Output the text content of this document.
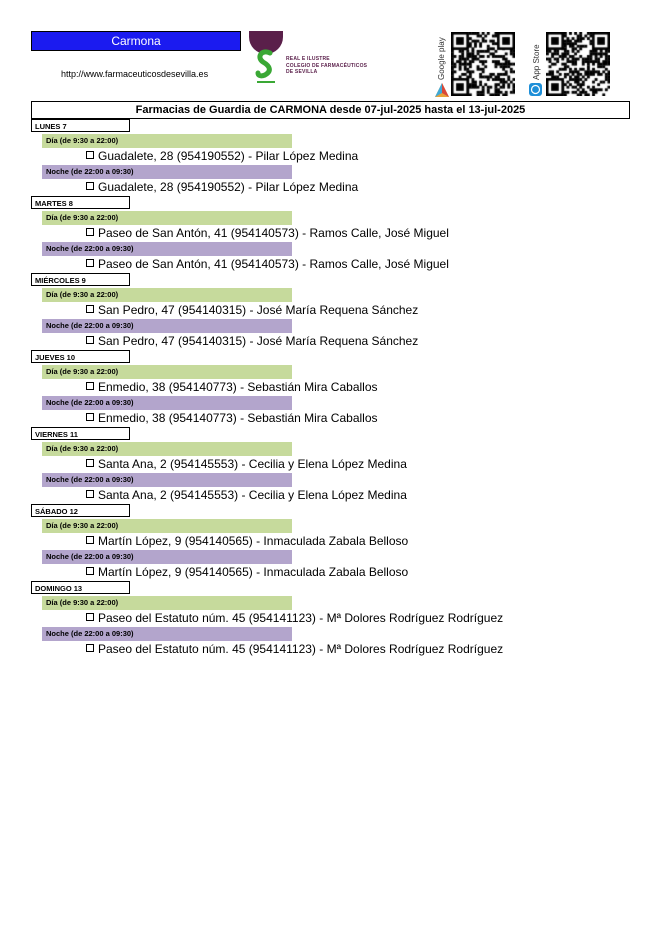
Carmona
http://www.farmaceuticosdesevilla.es
REAL E ILUSTRE
COLEGIO DE FARMACÉUTICOS
DE SEVILLA	Google play	App Store
Farmacias de Guardia de CARMONA desde 07-jul-2025 hasta el 13-jul-2025
LUNES 7
Día (de 9:30 a 22:00)
Guadalete, 28 (954190552) - Pilar López Medina
Noche (de 22:00 a 09:30)
Guadalete, 28 (954190552) - Pilar López Medina
MARTES 8
Día (de 9:30 a 22:00)
Paseo de San Antón, 41 (954140573) - Ramos Calle, José Miguel
Noche (de 22:00 a 09:30)
Paseo de San Antón, 41 (954140573) - Ramos Calle, José Miguel
MIÉRCOLES 9
Día (de 9:30 a 22:00)
San Pedro, 47 (954140315) - José María Requena Sánchez
Noche (de 22:00 a 09:30)
San Pedro, 47 (954140315) - José María Requena Sánchez
JUEVES 10
Día (de 9:30 a 22:00)
Enmedio, 38 (954140773) - Sebastián Mira Caballos
Noche (de 22:00 a 09:30)
Enmedio, 38 (954140773) - Sebastián Mira Caballos
VIERNES 11
Día (de 9:30 a 22:00)
Santa Ana, 2 (954145553) - Cecilia y Elena López Medina
Noche (de 22:00 a 09:30)
Santa Ana, 2 (954145553) - Cecilia y Elena López Medina
SÁBADO 12
Día (de 9:30 a 22:00)
Martín López, 9 (954140565) - Inmaculada Zabala Belloso
Noche (de 22:00 a 09:30)
Martín López, 9 (954140565) - Inmaculada Zabala Belloso
DOMINGO 13
Día (de 9:30 a 22:00)
Paseo del Estatuto núm. 45 (954141123) - Mª Dolores Rodríguez Rodríguez
Noche (de 22:00 a 09:30)
Paseo del Estatuto núm. 45 (954141123) - Mª Dolores Rodríguez Rodríguez
